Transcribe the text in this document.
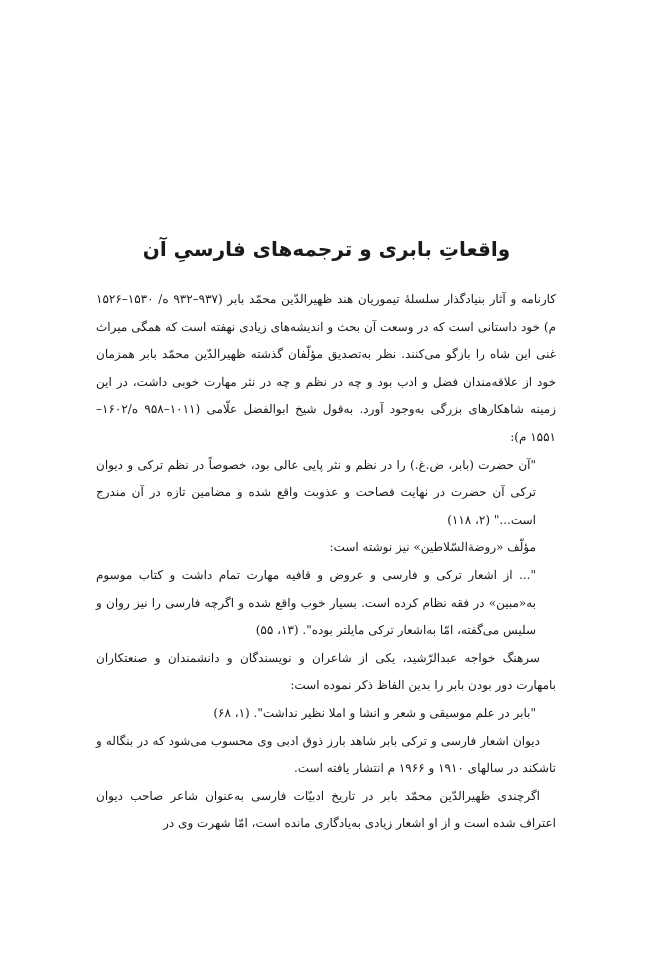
واقعاتِ بابری و ترجمه‌های فارسیِ آن

کارنامه و آثار بنیادگذار سلسلهٔ تیموریان هند ظهیرالدّین محمّد بابر (۹۳۷–۹۳۲ ه/ ۱۵۳۰–۱۵۲۶ م) خود داستانی است که در وسعت آن بحث و اندیشه‌های زیادی نهفته است که همگی میراث غنی این شاه را بازگو می‌کنند. نظر به‌تصدیق مؤلّفان گذشته ظهیرالدّین محمّد بابر همزمان خود از علاقه‌مندان فضل و ادب بود و چه در نظم و چه در نثر مهارت خوبی داشت، در این زمینه شاهکارهای بزرگی به‌وجود آورد. به‌قول شیخ ابوالفضل علّامی (۱۰۱۱–۹۵۸ ه/۱۶۰۲–۱۵۵۱ م):

"آن حضرت (بابر، ض.غ.) را در نظم و نثر پایی عالی بود، خصوصاً در نظم ترکی و دیوان ترکی آن حضرت در نهایت فصاحت و عذوبت واقع شده و مضامین تازه در آن مندرج است..." (۲، ۱۱۸)

مؤلّف «روضةالسّلاطین» نیز نوشته است:

"... از اشعار ترکی و فارسی و عروض و قافیه مهارت تمام داشت و کتاب موسوم به«مبین» در فقه نظام کرده است. بسیار خوب واقع شده و اگرچه فارسی را نیز روان و سلیس می‌گفته، امّا به‌اشعار ترکی مایلتر بوده". (۱۳، ۵۵)

سرهنگ خواجه عبدالرّشید، یکی از شاعران و نویسندگان و دانشمندان و صنعتکاران بامهارت دور بودن بابر را بدین الفاظ ذکر نموده است:

"بابر در علم موسیقی و شعر و انشا و املا نظیر نداشت". (۱، ۶۸)

دیوان اشعار فارسی و ترکی بابر شاهد بارز ذوق ادبی وی محسوب می‌شود که در بنگاله و تاشکند در سالهای ۱۹۱۰ و ۱۹۶۶ م انتشار یافته است.

اگرچندی ظهیرالدّین محمّد بابر در تاریخ ادبیّات فارسی به‌عنوان شاعر صاحب دیوان اعتراف شده است و از او اشعار زیادی به‌یادگاری مانده است، امّا شهرت وی در
